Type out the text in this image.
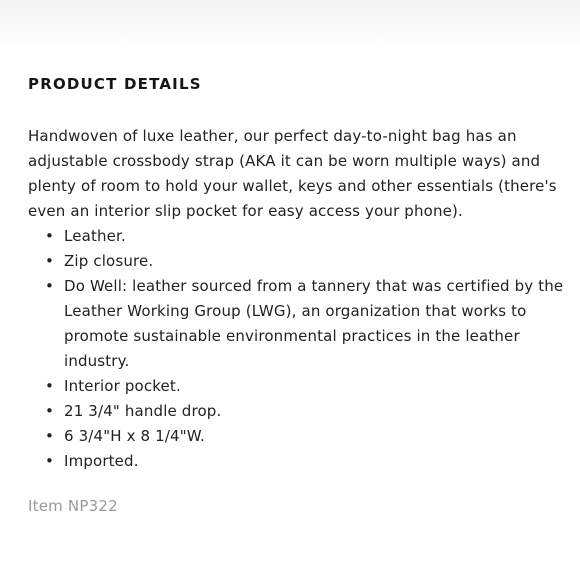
PRODUCT DETAILS

Handwoven of luxe leather, our perfect day-to-night bag has an adjustable crossbody strap (AKA it can be worn multiple ways) and plenty of room to hold your wallet, keys and other essentials (there's even an interior slip pocket for easy access your phone).

• Leather.
• Zip closure.
• Do Well: leather sourced from a tannery that was certified by the Leather Working Group (LWG), an organization that works to promote sustainable environmental practices in the leather industry.
• Interior pocket.
• 21 3/4" handle drop.
• 6 3/4"H x 8 1/4"W.
• Imported.

Item NP322
